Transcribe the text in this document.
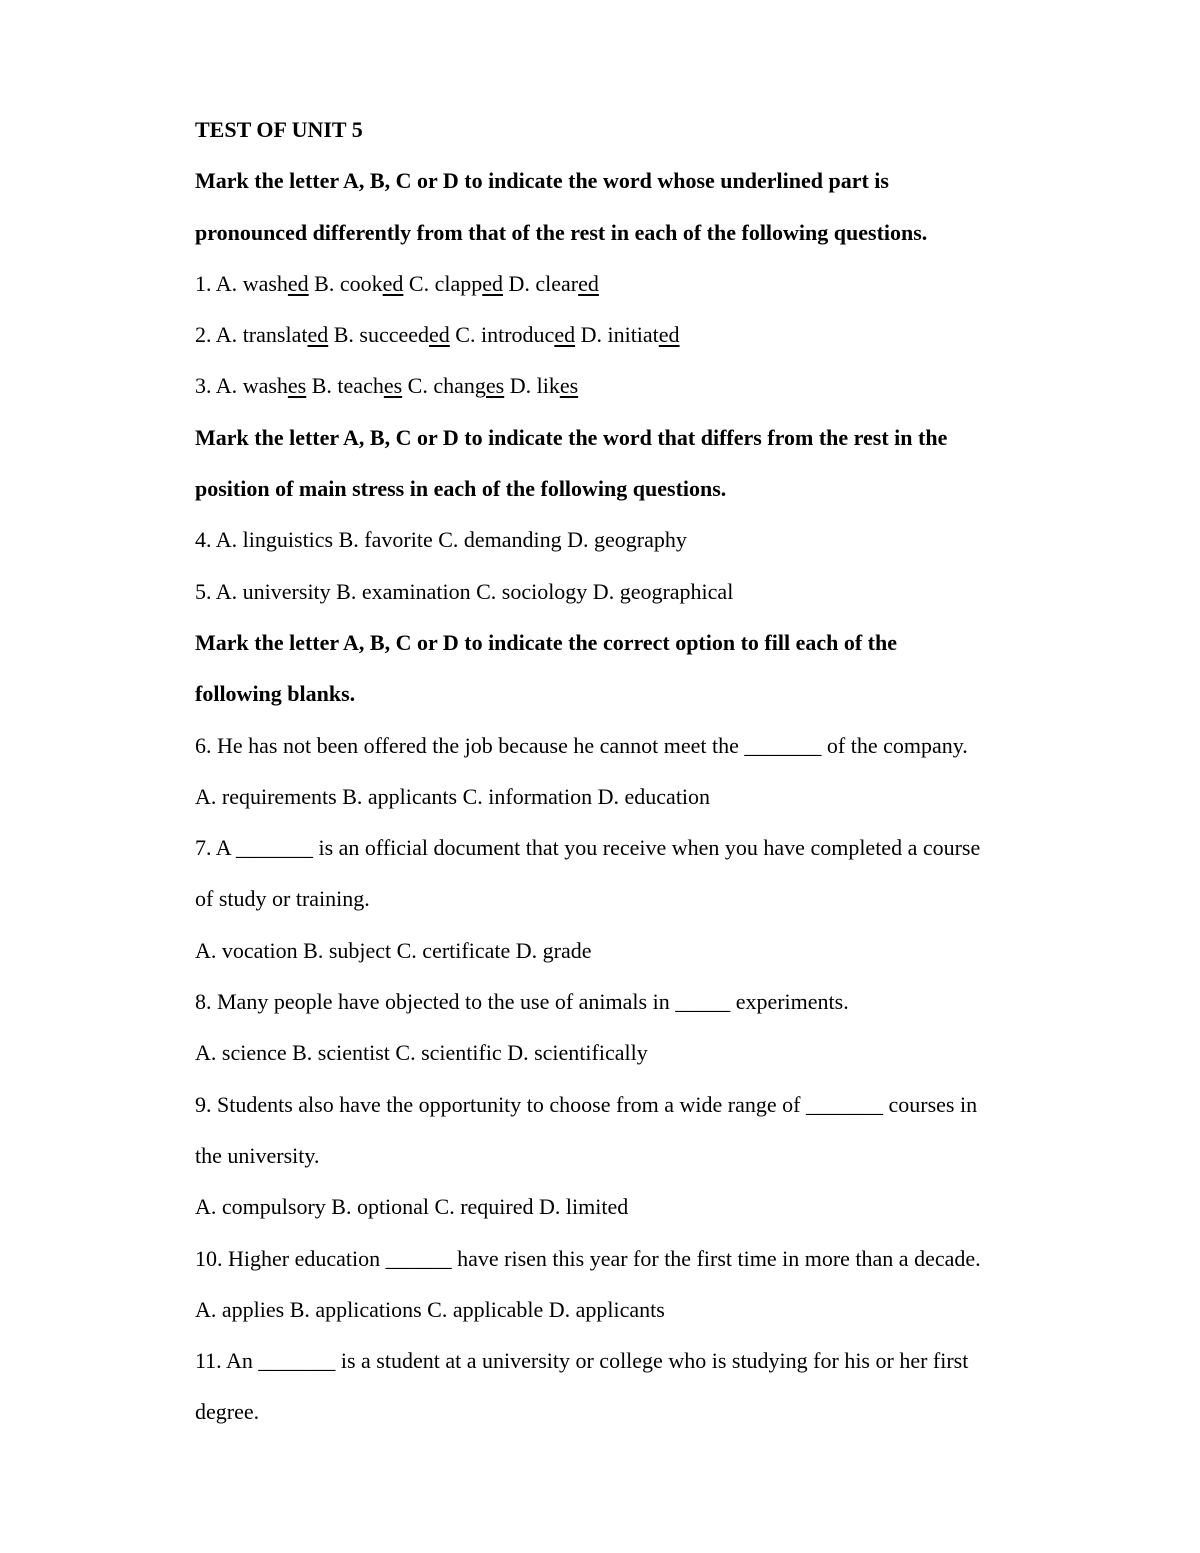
TEST OF UNIT 5
Mark the letter A, B, C or D to indicate the word whose underlined part is
pronounced differently from that of the rest in each of the following questions.
1. A. washed B. cooked C. clapped D. cleared
2. A. translated B. succeeded C. introduced D. initiated
3. A. washes B. teaches C. changes D. likes
Mark the letter A, B, C or D to indicate the word that differs from the rest in the
position of main stress in each of the following questions.
4. A. linguistics B. favorite C. demanding D. geography
5. A. university B. examination C. sociology D. geographical
Mark the letter A, B, C or D to indicate the correct option to fill each of the
following blanks.
6. He has not been offered the job because he cannot meet the _______ of the company.
A. requirements B. applicants C. information D. education
7. A _______ is an official document that you receive when you have completed a course
of study or training.
A. vocation B. subject C. certificate D. grade
8. Many people have objected to the use of animals in _____ experiments.
A. science B. scientist C. scientific D. scientifically
9. Students also have the opportunity to choose from a wide range of _______ courses in
the university.
A. compulsory B. optional C. required D. limited
10. Higher education ______ have risen this year for the first time in more than a decade.
A. applies B. applications C. applicable D. applicants
11. An _______ is a student at a university or college who is studying for his or her first
degree.
